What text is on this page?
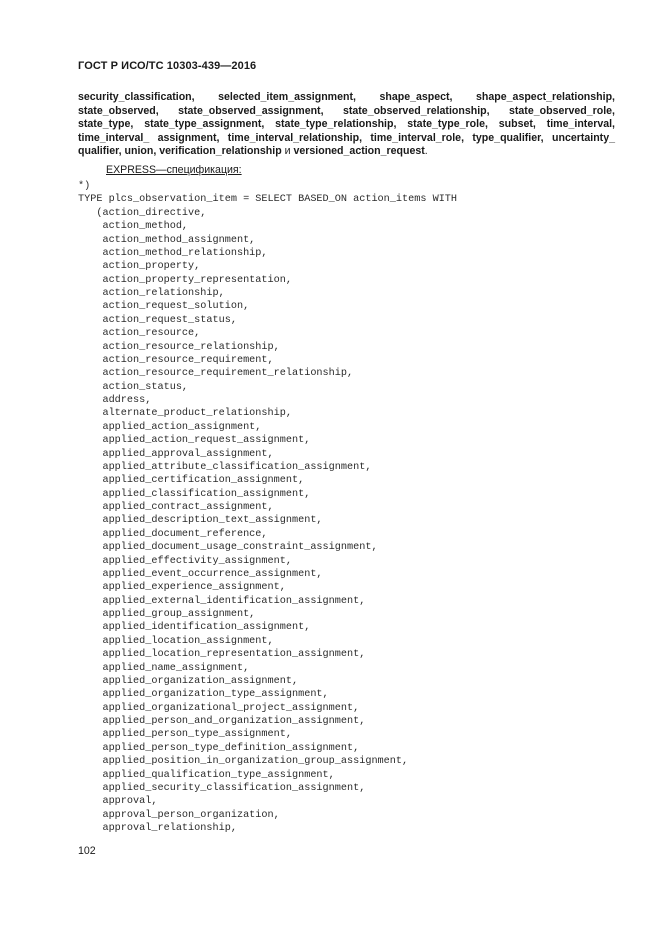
ГОСТ Р ИСО/ТС 10303-439—2016

security_classification, selected_item_assignment, shape_aspect, shape_aspect_relationship, state_observed, state_observed_assignment, state_observed_relationship, state_observed_role, state_type, state_type_assignment, state_type_relationship, state_type_role, subset, time_interval, time_interval_ assignment, time_interval_relationship, time_interval_role, type_qualifier, uncertainty_ qualifier, union, verification_relationship и versioned_action_request.

EXPRESS—спецификация:
*)
TYPE plcs_observation_item = SELECT BASED_ON action_items WITH
(action_directive,
action_method,
action_method_assignment,
action_method_relationship,
action_property,
action_property_representation,
action_relationship,
action_request_solution,
action_request_status,
action_resource,
action_resource_relationship,
action_resource_requirement,
action_resource_requirement_relationship,
action_status,
address,
alternate_product_relationship,
applied_action_assignment,
applied_action_request_assignment,
applied_approval_assignment,
applied_attribute_classification_assignment,
applied_certification_assignment,
applied_classification_assignment,
applied_contract_assignment,
applied_description_text_assignment,
applied_document_reference,
applied_document_usage_constraint_assignment,
applied_effectivity_assignment,
applied_event_occurrence_assignment,
applied_experience_assignment,
applied_external_identification_assignment,
applied_group_assignment,
applied_identification_assignment,
applied_location_assignment,
applied_location_representation_assignment,
applied_name_assignment,
applied_organization_assignment,
applied_organization_type_assignment,
applied_organizational_project_assignment,
applied_person_and_organization_assignment,
applied_person_type_assignment,
applied_person_type_definition_assignment,
applied_position_in_organization_group_assignment,
applied_qualification_type_assignment,
applied_security_classification_assignment,
approval,
approval_person_organization,
approval_relationship,
102
